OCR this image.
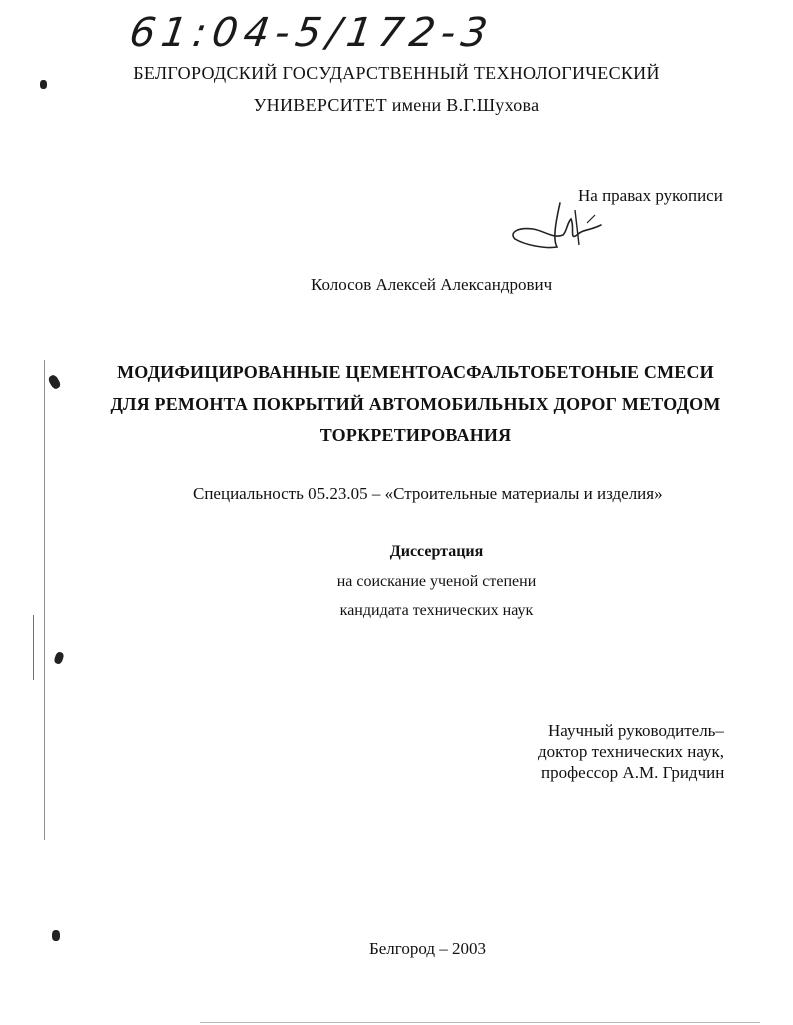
61:04-5/172-3
БЕЛГОРОДСКИЙ ГОСУДАРСТВЕННЫЙ ТЕХНОЛОГИЧЕСКИЙ
УНИВЕРСИТЕТ имени В.Г.Шухова
На правах рукописи
Колосов Алексей Александрович
МОДИФИЦИРОВАННЫЕ ЦЕМЕНТОАСФАЛЬТОБЕТОНЫЕ СМЕСИ
ДЛЯ РЕМОНТА ПОКРЫТИЙ АВТОМОБИЛЬНЫХ ДОРОГ МЕТОДОМ
ТОРКРЕТИРОВАНИЯ
Специальность 05.23.05 – «Строительные материалы и изделия»
Диссертация
на соискание ученой степени
кандидата технических наук
Научный руководитель–
доктор технических наук,
профессор А.М. Гридчин
Белгород – 2003
